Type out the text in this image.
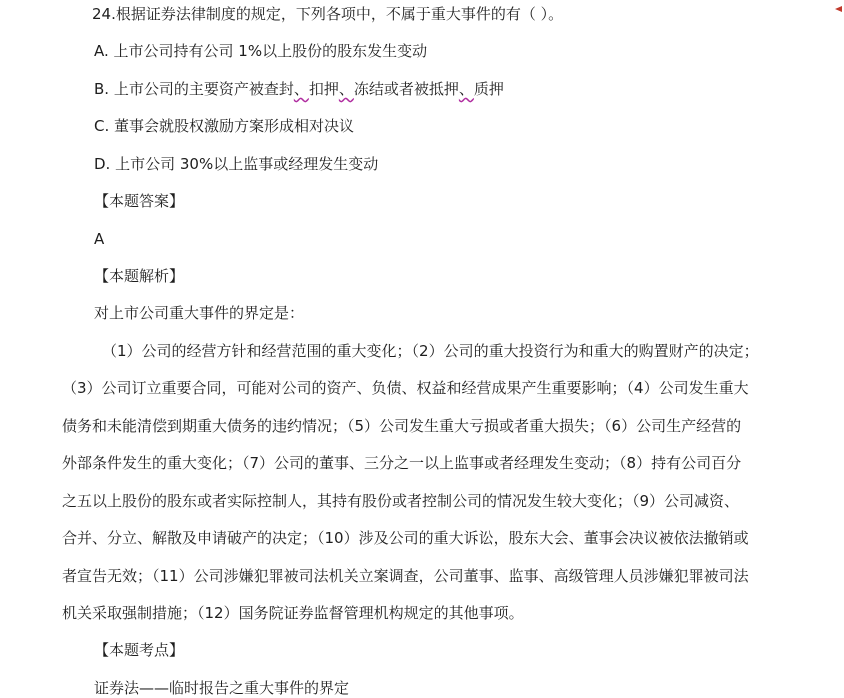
24.根据证券法律制度的规定，下列各项中，不属于重大事件的有（ ）。
A. 上市公司持有公司 1%以上股份的股东发生变动
B. 上市公司的主要资产被查封、扣押、冻结或者被抵押、质押
C. 董事会就股权激励方案形成相对决议
D. 上市公司 30%以上监事或经理发生变动
【本题答案】
A
【本题解析】
对上市公司重大事件的界定是：
（1）公司的经营方针和经营范围的重大变化；（2）公司的重大投资行为和重大的购置财产的决定；
（3）公司订立重要合同，可能对公司的资产、负债、权益和经营成果产生重要影响；（4）公司发生重大
债务和未能清偿到期重大债务的违约情况；（5）公司发生重大亏损或者重大损失；（6）公司生产经营的
外部条件发生的重大变化；（7）公司的董事、三分之一以上监事或者经理发生变动；（8）持有公司百分
之五以上股份的股东或者实际控制人，其持有股份或者控制公司的情况发生较大变化；（9）公司减资、
合并、分立、解散及申请破产的决定；（10）涉及公司的重大诉讼，股东大会、董事会决议被依法撤销或
者宣告无效；（11）公司涉嫌犯罪被司法机关立案调查，公司董事、监事、高级管理人员涉嫌犯罪被司法
机关采取强制措施；（12）国务院证券监督管理机构规定的其他事项。
【本题考点】
证券法——临时报告之重大事件的界定
